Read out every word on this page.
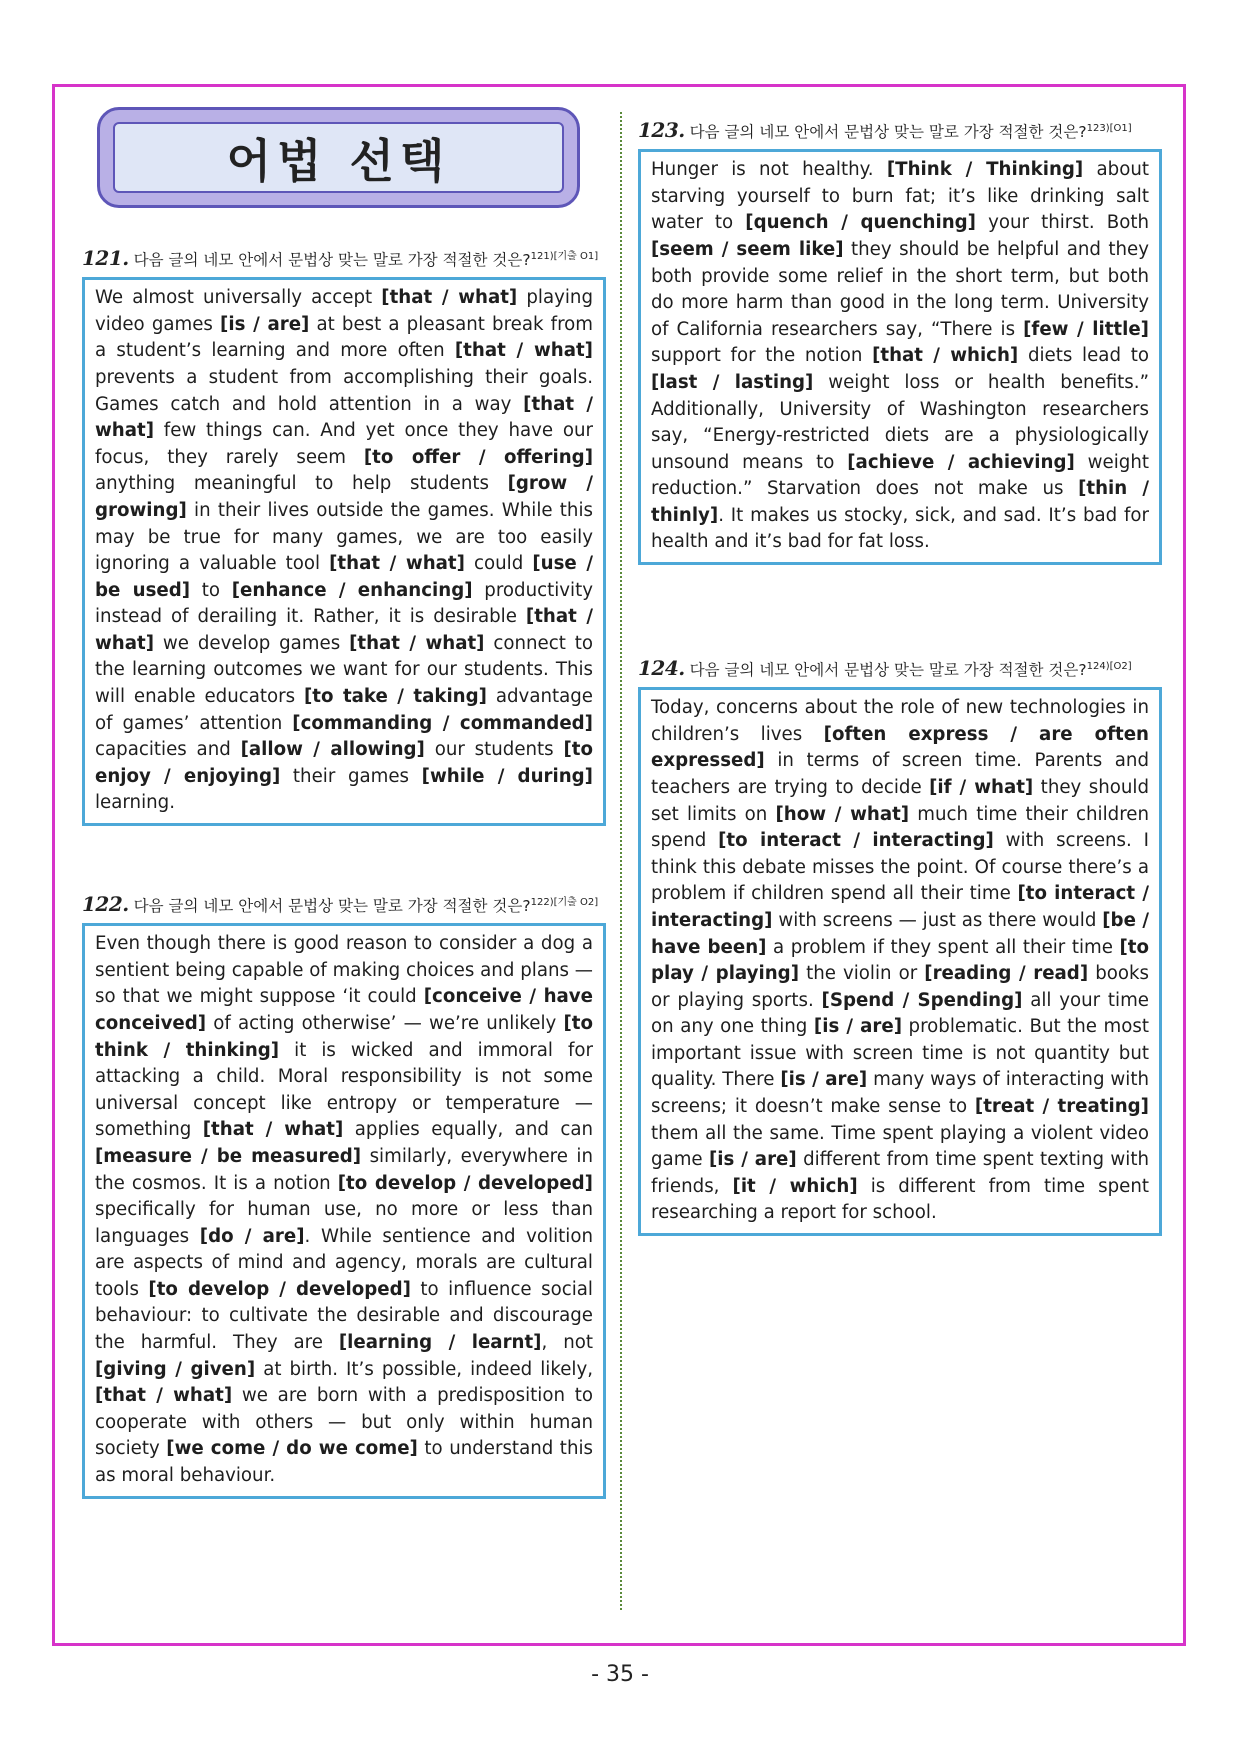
어법 선택
121. 다음 글의 네모 안에서 문법상 맞는 말로 가장 적절한 것은?$^{121)[기출 O1]}$
We almost universally accept [that / what] playing video games [is / are] at best a pleasant break from a student’s learning and more often [that / what] prevents a student from accomplishing their goals. Games catch and hold attention in a way [that / what] few things can. And yet once they have our focus, they rarely seem [to offer / offering] anything meaningful to help students [grow / growing] in their lives outside the games. While this may be true for many games, we are too easily ignoring a valuable tool [that / what] could [use / be used] to [enhance / enhancing] productivity instead of derailing it. Rather, it is desirable [that / what] we develop games [that / what] connect to the learning outcomes we want for our students. This will enable educators [to take / taking] advantage of games’ attention [commanding / commanded] capacities and [allow / allowing] our students [to enjoy / enjoying] their games [while / during] learning.
122. 다음 글의 네모 안에서 문법상 맞는 말로 가장 적절한 것은?$^{122)[기출 O2]}$
Even though there is good reason to consider a dog a sentient being capable of making choices and plans — so that we might suppose ‘it could [conceive / have conceived] of acting otherwise’ — we’re unlikely [to think / thinking] it is wicked and immoral for attacking a child. Moral responsibility is not some universal concept like entropy or temperature — something [that / what] applies equally, and can [measure / be measured] similarly, everywhere in the cosmos. It is a notion [to develop / developed] specifically for human use, no more or less than languages [do / are]. While sentience and volition are aspects of mind and agency, morals are cultural tools [to develop / developed] to influence social behaviour: to cultivate the desirable and discourage the harmful. They are [learning / learnt], not [giving / given] at birth. It’s possible, indeed likely, [that / what] we are born with a predisposition to cooperate with others — but only within human society [we come / do we come] to understand this as moral behaviour.
123. 다음 글의 네모 안에서 문법상 맞는 말로 가장 적절한 것은?$^{123)[O1]}$
Hunger is not healthy. [Think / Thinking] about starving yourself to burn fat; it’s like drinking salt water to [quench / quenching] your thirst. Both [seem / seem like] they should be helpful and they both provide some relief in the short term, but both do more harm than good in the long term. University of California researchers say, “There is [few / little] support for the notion [that / which] diets lead to [last / lasting] weight loss or health benefits.” Additionally, University of Washington researchers say, “Energy-restricted diets are a physiologically unsound means to [achieve / achieving] weight reduction.” Starvation does not make us [thin / thinly]. It makes us stocky, sick, and sad. It’s bad for health and it’s bad for fat loss.
124. 다음 글의 네모 안에서 문법상 맞는 말로 가장 적절한 것은?$^{124)[O2]}$
Today, concerns about the role of new technologies in children’s lives [often express / are often expressed] in terms of screen time. Parents and teachers are trying to decide [if / what] they should set limits on [how / what] much time their children spend [to interact / interacting] with screens. I think this debate misses the point. Of course there’s a problem if children spend all their time [to interact / interacting] with screens — just as there would [be / have been] a problem if they spent all their time [to play / playing] the violin or [reading / read] books or playing sports. [Spend / Spending] all your time on any one thing [is / are] problematic. But the most important issue with screen time is not quantity but quality. There [is / are] many ways of interacting with screens; it doesn’t make sense to [treat / treating] them all the same. Time spent playing a violent video game [is / are] different from time spent texting with friends, [it / which] is different from time spent researching a report for school.
- 35 -
